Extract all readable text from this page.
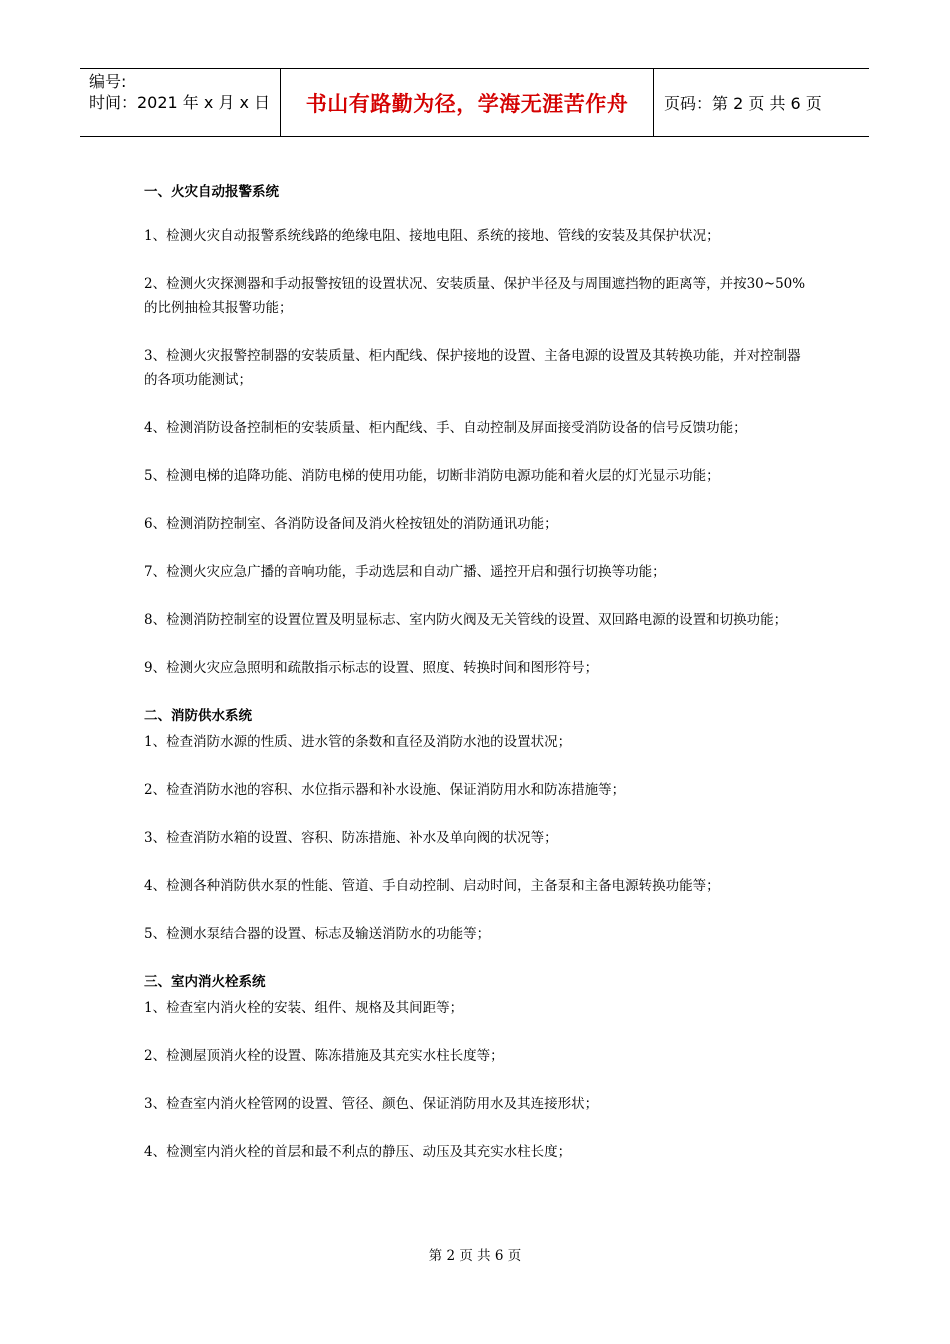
编号:
时间：2021 年 x 月 x 日	书山有路勤为径，学海无涯苦作舟	页码：第 2 页 共 6 页
一、火灾自动报警系统
1、检测火灾自动报警系统线路的绝缘电阻、接地电阻、系统的接地、管线的安装及其保护状况；
2、检测火灾探测器和手动报警按钮的设置状况、安装质量、保护半径及与周围遮挡物的距离等，并按30~50%的比例抽检其报警功能；
3、检测火灾报警控制器的安装质量、柜内配线、保护接地的设置、主备电源的设置及其转换功能，并对控制器的各项功能测试；
4、检测消防设备控制柜的安装质量、柜内配线、手、自动控制及屏面接受消防设备的信号反馈功能；
5、检测电梯的追降功能、消防电梯的使用功能，切断非消防电源功能和着火层的灯光显示功能；
6、检测消防控制室、各消防设备间及消火栓按钮处的消防通讯功能；
7、检测火灾应急广播的音响功能，手动选层和自动广播、遥控开启和强行切换等功能；
8、检测消防控制室的设置位置及明显标志、室内防火阀及无关管线的设置、双回路电源的设置和切换功能；
9、检测火灾应急照明和疏散指示标志的设置、照度、转换时间和图形符号；
二、消防供水系统
1、检查消防水源的性质、进水管的条数和直径及消防水池的设置状况；
2、检查消防水池的容积、水位指示器和补水设施、保证消防用水和防冻措施等；
3、检查消防水箱的设置、容积、防冻措施、补水及单向阀的状况等；
4、检测各种消防供水泵的性能、管道、手自动控制、启动时间，主备泵和主备电源转换功能等；
5、检测水泵结合器的设置、标志及输送消防水的功能等；
三、室内消火栓系统
1、检查室内消火栓的安装、组件、规格及其间距等；
2、检测屋顶消火栓的设置、陈冻措施及其充实水柱长度等；
3、检查室内消火栓管网的设置、管径、颜色、保证消防用水及其连接形状；
4、检测室内消火栓的首层和最不利点的静压、动压及其充实水柱长度；
第 2 页 共 6 页
